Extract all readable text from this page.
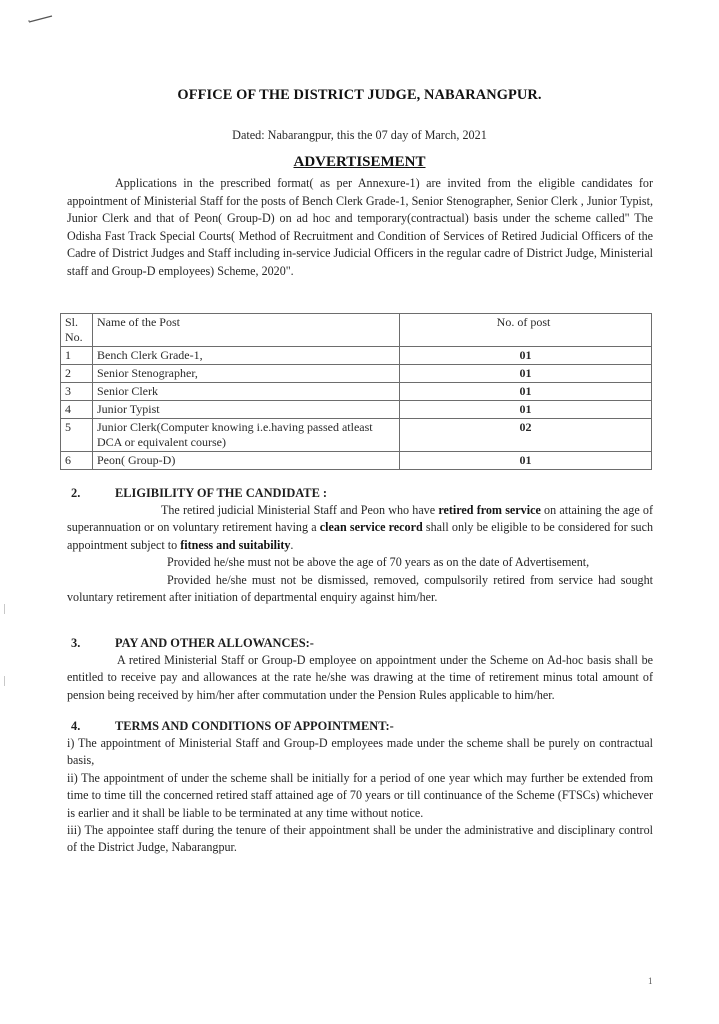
OFFICE OF THE DISTRICT JUDGE, NABARANGPUR.
Dated: Nabarangpur, this the 07 day of March, 2021
ADVERTISEMENT
Applications in the prescribed format( as per Annexure-1) are invited from the eligible candidates for appointment of Ministerial Staff for the posts of Bench Clerk Grade-1, Senior Stenographer, Senior Clerk , Junior Typist, Junior Clerk and that of Peon( Group-D) on ad hoc and temporary(contractual) basis under the scheme called" The Odisha Fast Track Special Courts( Method of Recruitment and Condition of Services of Retired Judicial Officers of the Cadre of District Judges and Staff including in-service Judicial Officers in the regular cadre of District Judge, Ministerial staff and Group-D employees) Scheme, 2020".
Sl. No.	Name of the Post	No. of post
1	Bench Clerk Grade-1,	01
2	Senior Stenographer,	01
3	Senior Clerk	01
4	Junior Typist	01
5	Junior Clerk(Computer knowing i.e.having passed atleast DCA or equivalent course)	02
6	Peon( Group-D)	01
2.	ELIGIBILITY OF THE CANDIDATE :

The retired judicial Ministerial Staff and Peon who have retired from service on attaining the age of superannuation or on voluntary retirement having a clean service record shall only be eligible to be considered for such appointment subject to fitness and suitability.

Provided he/she must not be above the age of 70 years as on the date of Advertisement,

Provided he/she must not be dismissed, removed, compulsorily retired from service had sought voluntary retirement after initiation of departmental enquiry against him/her.

3.	PAY AND OTHER ALLOWANCES:-

A retired Ministerial Staff or Group-D employee on appointment under the Scheme on Ad-hoc basis shall be entitled to receive pay and allowances at the rate he/she was drawing at the time of retirement minus total amount of pension being received by him/her after commutation under the Pension Rules applicable to him/her.

4.	TERMS AND CONDITIONS OF APPOINTMENT:-

i) The appointment of Ministerial Staff and Group-D employees made under the scheme shall be purely on contractual basis,

ii) The appointment of under the scheme shall be initially for a period of one year which may further be extended from time to time till the concerned retired staff attained age of 70 years or till continuance of the Scheme (FTSCs) whichever is earlier and it shall be liable to be terminated at any time without notice.

iii) The appointee staff during the tenure of their appointment shall be under the administrative and disciplinary control of the District Judge, Nabarangpur.

1
